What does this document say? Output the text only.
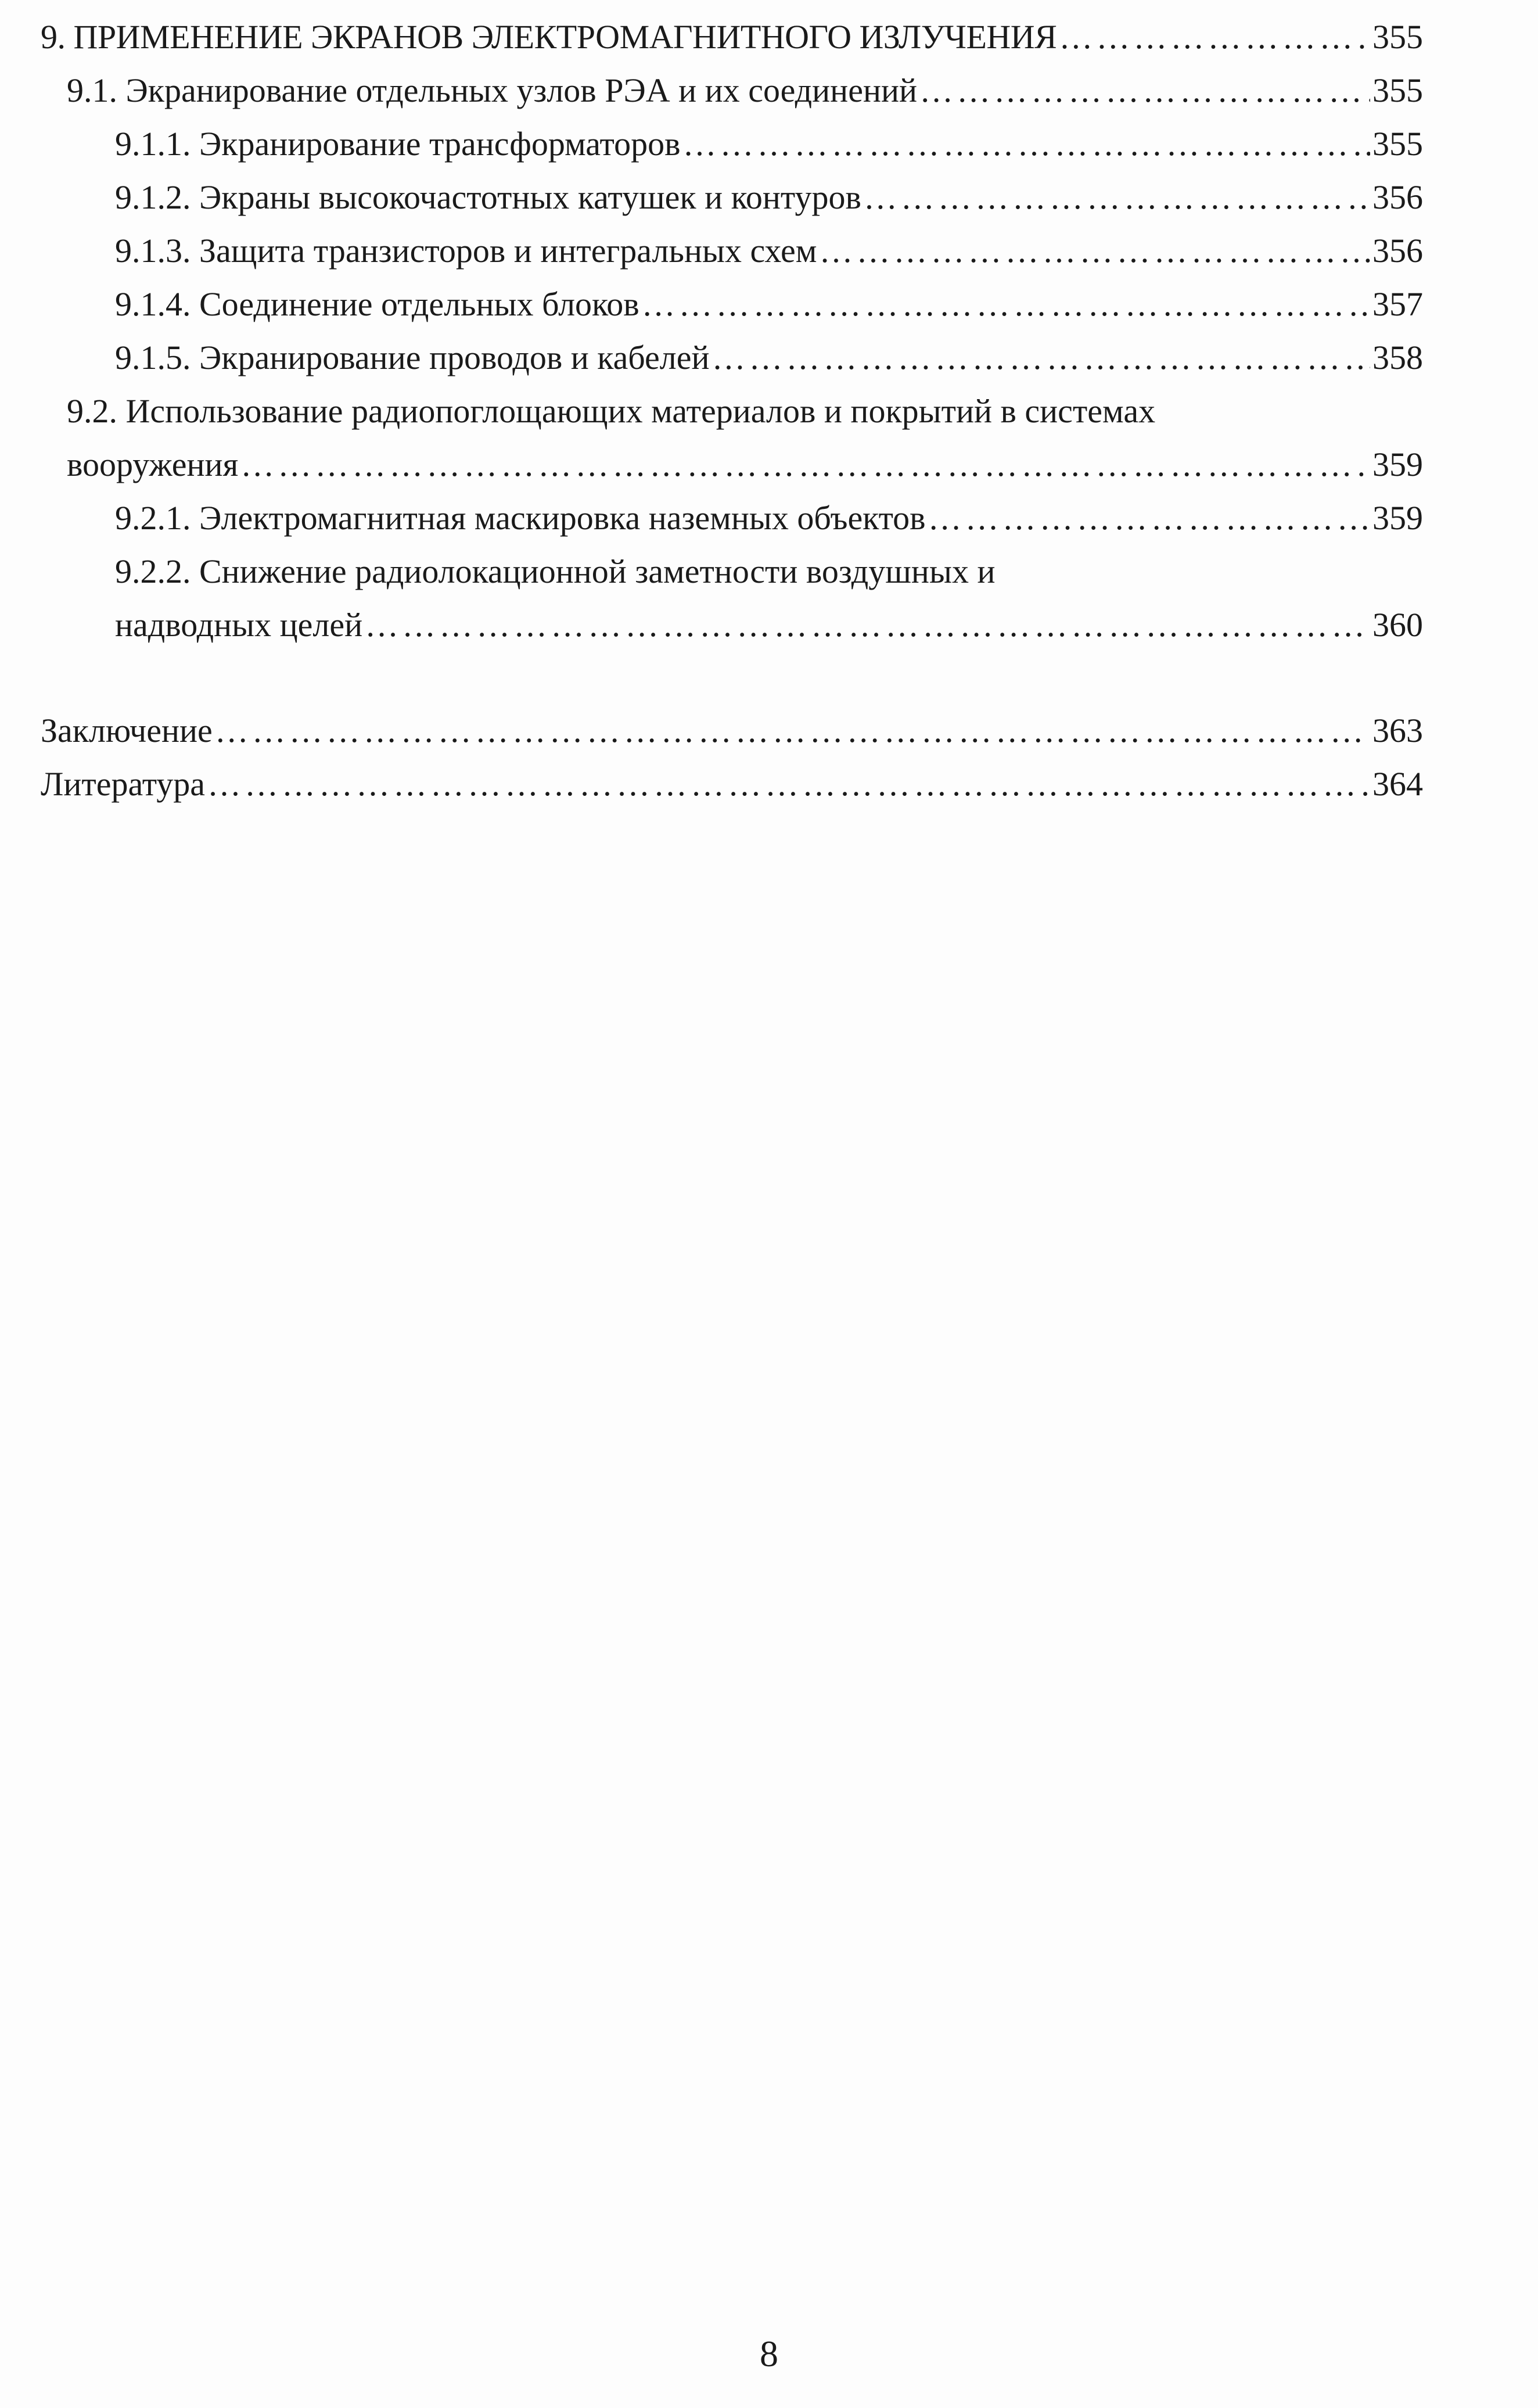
9. ПРИМЕНЕНИЕ ЭКРАНОВ ЭЛЕКТРОМАГНИТНОГО ИЗЛУЧЕНИЯ …………………………………………………………………………………………………………………………………………………………………………………………………………………………	355
9.1. Экранирование отдельных узлов РЭА и их соединений …………………………………………………………………………………………………………………………………………………………………………………………………………………………	355
9.1.1. Экранирование трансформаторов …………………………………………………………………………………………………………………………………………………………………………………………………………………………	355
9.1.2. Экраны высокочастотных катушек и контуров …………………………………………………………………………………………………………………………………………………………………………………………………………………………	356
9.1.3. Защита транзисторов и интегральных схем …………………………………………………………………………………………………………………………………………………………………………………………………………………………	356
9.1.4. Соединение отдельных блоков …………………………………………………………………………………………………………………………………………………………………………………………………………………………	357
9.1.5. Экранирование проводов и кабелей …………………………………………………………………………………………………………………………………………………………………………………………………………………………	358
9.2. Использование радиопоглощающих материалов и покрытий в системах
вооружения …………………………………………………………………………………………………………………………………………………………………………………………………………………………	359
9.2.1. Электромагнитная маскировка наземных объектов …………………………………………………………………………………………………………………………………………………………………………………………………………………………	359
9.2.2. Снижение радиолокационной заметности воздушных и
надводных целей …………………………………………………………………………………………………………………………………………………………………………………………………………………………	360
Заключение …………………………………………………………………………………………………………………………………………………………………………………………………………………………	363
Литература …………………………………………………………………………………………………………………………………………………………………………………………………………………………	364
8
